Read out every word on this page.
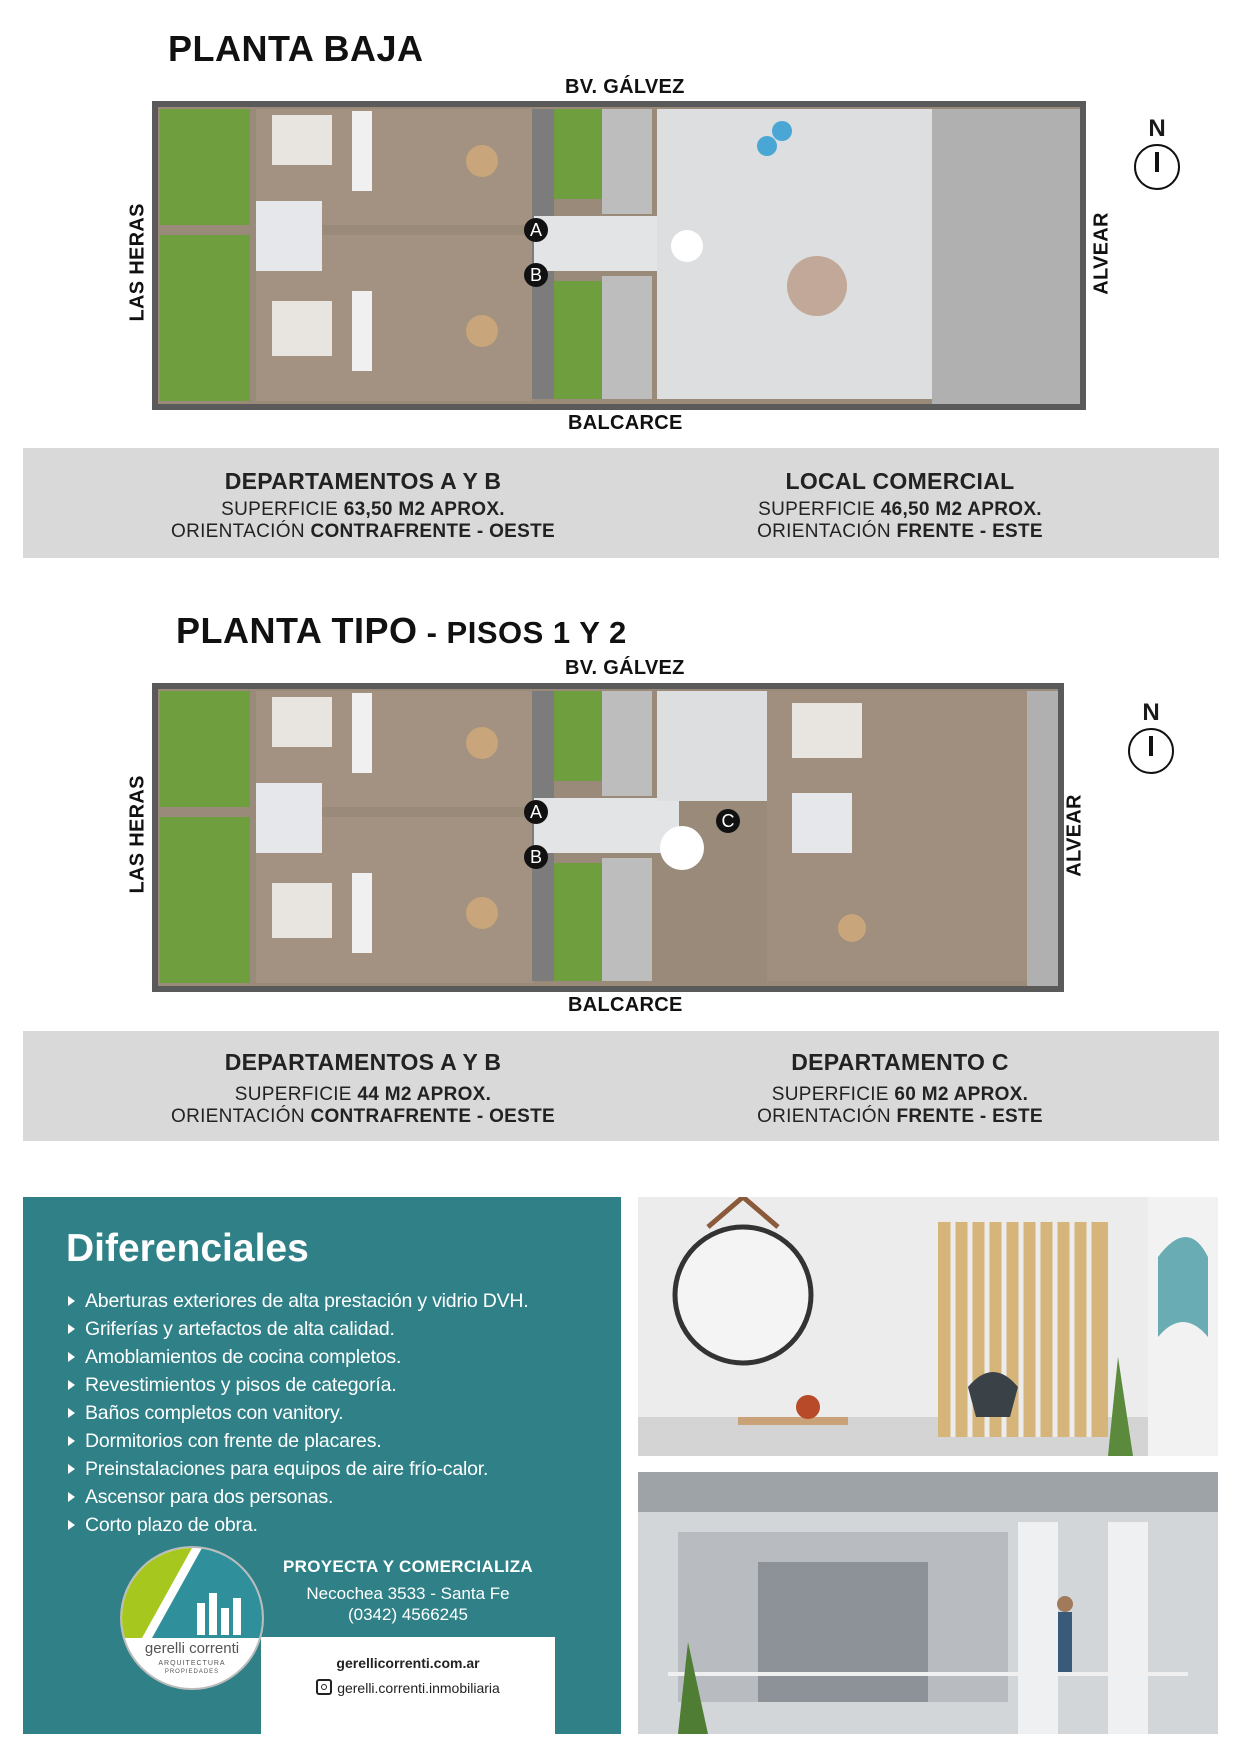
PLANTA BAJA
BV. GÁLVEZ
BALCARCE
LAS HERAS	ALVEAR
N
A
B
DEPARTAMENTOS A Y B
SUPERFICIE 63,50 M2 APROX.
ORIENTACIÓN CONTRAFRENTE - OESTE
LOCAL COMERCIAL
SUPERFICIE 46,50 M2 APROX.
ORIENTACIÓN FRENTE - ESTE
PLANTA TIPO - PISOS 1 Y 2
BV. GÁLVEZ
BALCARCE
LAS HERAS	ALVEAR
N
A
B
C
DEPARTAMENTOS A Y B
SUPERFICIE 44 M2 APROX.
ORIENTACIÓN CONTRAFRENTE - OESTE
DEPARTAMENTO C
SUPERFICIE 60 M2 APROX.
ORIENTACIÓN FRENTE - ESTE
Diferenciales
Aberturas exteriores de alta prestación y vidrio DVH.
Griferías y artefactos de alta calidad.
Amoblamientos de cocina completos.
Revestimientos y pisos de categoría.
Baños completos con vanitory.
Dormitorios con frente de placares.
Preinstalaciones para equipos de aire frío-calor.
Ascensor para dos personas.
Corto plazo de obra.
PROYECTA Y COMERCIALIZA
Necochea 3533 - Santa Fe
(0342) 4566245
gerellicorrenti.com.ar
gerelli.correnti.inmobiliaria
gerelli correnti
ARQUITECTURA
PROPIEDADES
